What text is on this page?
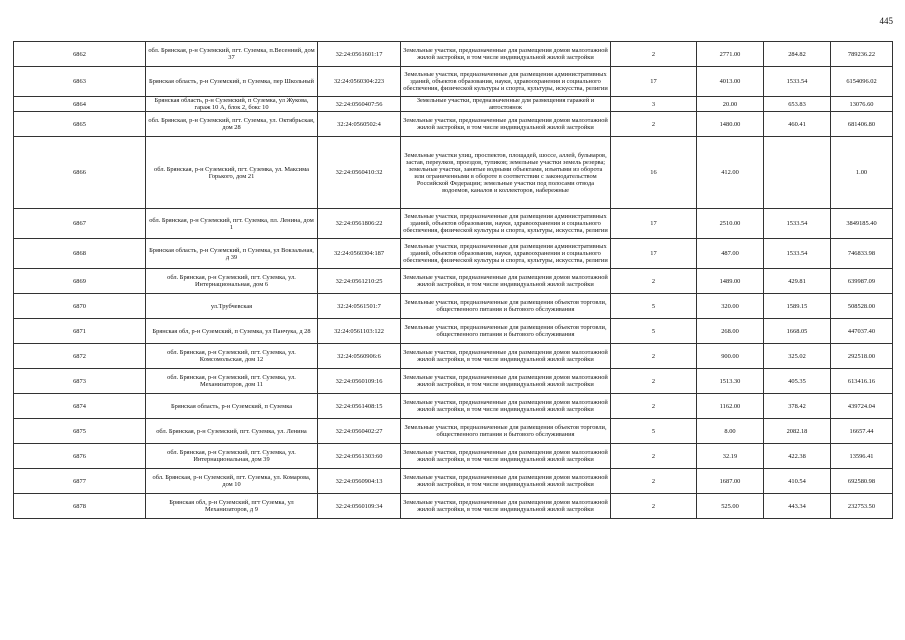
445
6862	обл. Брянская, р-н Суземский, пгт. Суземка, п.Весенний, дом 37	32:24:0561601:17	Земельные участки, предназначенные для размещения домов малоэтажной жилой застройки, в том числе индивидуальной жилой застройки	2	2771.00	284.82	789236.22
6863	Брянская область, р-н Суземский, п Суземка, пер Школьный	32:24:0560304:223	Земельные участки, предназначенные для размещения административных зданий, объектов образования, науки, здравоохранения и социального обеспечения, физической культуры и спорта, культуры, искусства, религии	17	4013.00	1533.54	6154096.02
6864	Брянская область, р-н Суземский, п Суземка, ул Жукова, гараж 10 А, блок 2, бокс 10	32:24:0560407:56	Земельные участки, предназначенные для размещения гаражей и автостоянок	3	20.00	653.83	13076.60
6865	обл. Брянская, р-н Суземский, пгт. Суземка, ул. Октябрьская, дом 28	32:24:0560502:4	Земельные участки, предназначенные для размещения домов малоэтажной жилой застройки, в том числе индивидуальной жилой застройки	2	1480.00	460.41	681406.80
6866	обл. Брянская, р-н Суземский, пгт. Суземка, ул. Максима Горького, дом 21	32:24:0560410:32	Земельные участки улиц, проспектов, площадей, шоссе, аллей, бульваров, застав, переулков, проездов, тупиков; земельные участки земель резерва; земельные участки, занятые водными объектами, изъятыми из оборота или ограниченными в обороте в соответствии с законодательством Российской Федерации; земельные участки под полосами отвода водоемов, каналов и коллекторов, набережные	16	412.00		1.00
6867	обл. Брянская, р-н Суземский, пгт. Суземка, пл. Ленина, дом 1	32:24:0561806:22	Земельные участки, предназначенные для размещения административных зданий, объектов образования, науки, здравоохранения и социального обеспечения, физической культуры и спорта, культуры, искусства, религии	17	2510.00	1533.54	3849185.40
6868	Брянская область, р-н Суземский, п Суземка, ул Вокзальная, д 39	32:24:0560304:187	Земельные участки, предназначенные для размещения административных зданий, объектов образования, науки, здравоохранения и социального обеспечения, физической культуры и спорта, культуры, искусства, религии	17	487.00	1533.54	746833.98
6869	обл. Брянская, р-н Суземский, пгт. Суземка, ул. Интернациональная, дом 6	32:24:0561210:25	Земельные участки, предназначенные для размещения домов малоэтажной жилой застройки, в том числе индивидуальной жилой застройки	2	1489.00	429.81	639987.09
6870	ул.Трубчевская	32:24:0561501:7	Земельные участки, предназначенные для размещения объектов торговли, общественного питания и бытового обслуживания	5	320.00	1589.15	508528.00
6871	Брянская обл, р-н Суземский, п Суземка, ул Панчука, д 28	32:24:0561103:122	Земельные участки, предназначенные для размещения объектов торговли, общественного питания и бытового обслуживания	5	268.00	1668.05	447037.40
6872	обл. Брянская, р-н Суземский, пгт. Суземка, ул. Комсомольская, дом 12	32:24:0560906:6	Земельные участки, предназначенные для размещения домов малоэтажной жилой застройки, в том числе индивидуальной жилой застройки	2	900.00	325.02	292518.00
6873	обл. Брянская, р-н Суземский, пгт. Суземка, ул. Механизаторов, дом 11	32:24:0560109:16	Земельные участки, предназначенные для размещения домов малоэтажной жилой застройки, в том числе индивидуальной жилой застройки	2	1513.30	405.35	613416.16
6874	Брянская область, р-н Суземский, п Суземка	32:24:0561408:15	Земельные участки, предназначенные для размещения домов малоэтажной жилой застройки, в том числе индивидуальной жилой застройки	2	1162.00	378.42	439724.04
6875	обл. Брянская, р-н Суземский, пгт. Суземка, ул. Ленина	32:24:0560402:27	Земельные участки, предназначенные для размещения объектов торговли, общественного питания и бытового обслуживания	5	8.00	2082.18	16657.44
6876	обл. Брянская, р-н Суземский, пгт. Суземка, ул. Интернациональная, дом 39	32:24:0561303:60	Земельные участки, предназначенные для размещения домов малоэтажной жилой застройки, в том числе индивидуальной жилой застройки	2	32.19	422.38	13596.41
6877	обл. Брянская, р-н Суземский, пгт. Суземка, ул. Комарова, дом 10	32:24:0560904:13	Земельные участки, предназначенные для размещения домов малоэтажной жилой застройки, в том числе индивидуальной жилой застройки	2	1687.00	410.54	692580.98
6878	Брянская обл, р-н Суземский, пгт Суземка, ул Механизаторов, д 9	32:24:0560109:34	Земельные участки, предназначенные для размещения домов малоэтажной жилой застройки, в том числе индивидуальной жилой застройки	2	525.00	443.34	232753.50
